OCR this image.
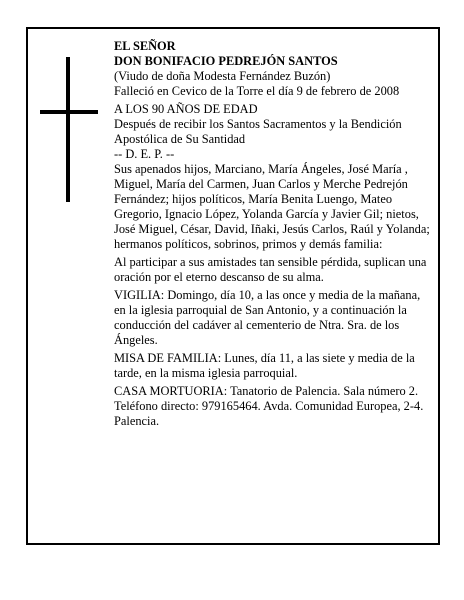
EL SEÑOR

DON BONIFACIO PEDREJÓN SANTOS

(Viudo de doña Modesta Fernández Buzón)

Falleció en Cevico de la Torre el día 9 de febrero de 2008

A LOS 90 AÑOS DE EDAD

Después de recibir los Santos Sacramentos y la Bendición Apostólica de Su Santidad

-- D. E. P. --

Sus apenados hijos, Marciano, María Ángeles, José María , Miguel, María del Carmen, Juan Carlos y Merche Pedrejón Fernández; hijos políticos, María Benita Luengo, Mateo Gregorio, Ignacio López, Yolanda García y Javier Gil; nietos, José Miguel, César, David, Iñaki, Jesús Carlos, Raúl y Yolanda; hermanos políticos, sobrinos, primos y demás familia:

Al participar a sus amistades tan sensible pérdida, suplican una oración por el eterno descanso de su alma.

VIGILIA: Domingo, día 10, a las once y media de la mañana, en la iglesia parroquial de San Antonio, y a continuación la conducción del cadáver al cementerio de Ntra. Sra. de los Ángeles.

MISA DE FAMILIA: Lunes, día 11, a las siete y media de la tarde, en la misma iglesia parroquial.

CASA MORTUORIA: Tanatorio de Palencia. Sala número 2. Teléfono directo: 979165464. Avda. Comunidad Europea, 2-4. Palencia.
